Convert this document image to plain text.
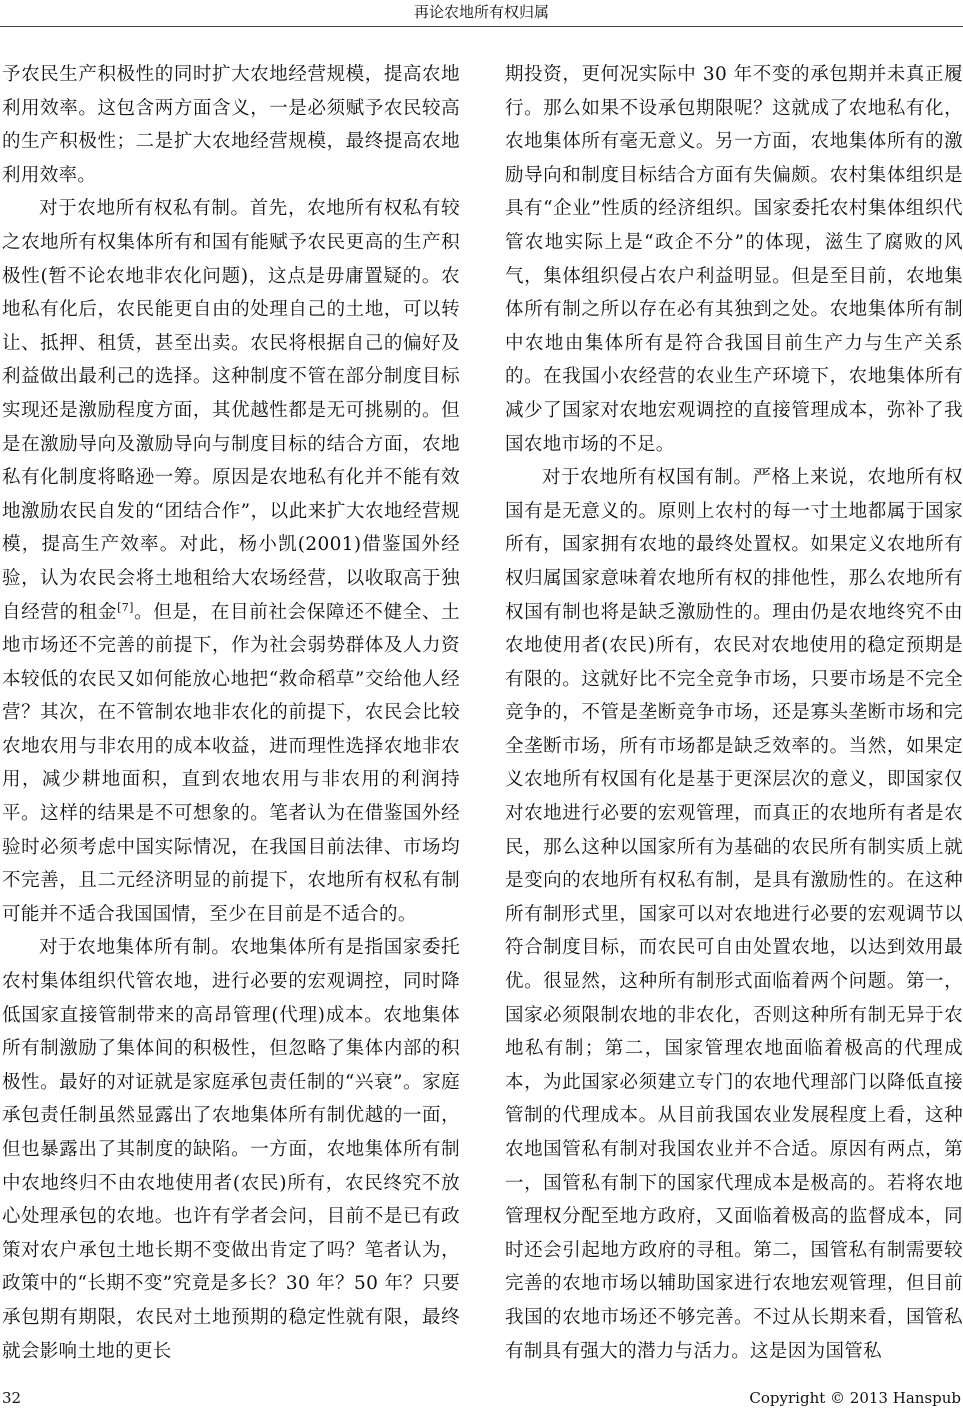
再论农地所有权归属

予农民生产积极性的同时扩大农地经营规模，提高农地利用效率。这包含两方面含义，一是必须赋予农民较高的生产积极性；二是扩大农地经营规模，最终提高农地利用效率。

对于农地所有权私有制。首先，农地所有权私有较之农地所有权集体所有和国有能赋予农民更高的生产积极性(暂不论农地非农化问题)，这点是毋庸置疑的。农地私有化后，农民能更自由的处理自己的土地，可以转让、抵押、租赁，甚至出卖。农民将根据自己的偏好及利益做出最利己的选择。这种制度不管在部分制度目标实现还是激励程度方面，其优越性都是无可挑剔的。但是在激励导向及激励导向与制度目标的结合方面，农地私有化制度将略逊一筹。原因是农地私有化并不能有效地激励农民自发的“团结合作”，以此来扩大农地经营规模，提高生产效率。对此，杨小凯(2001)借鉴国外经验，认为农民会将土地租给大农场经营，以收取高于独自经营的租金[7]。但是，在目前社会保障还不健全、土地市场还不完善的前提下，作为社会弱势群体及人力资本较低的农民又如何能放心地把“救命稻草”交给他人经营？其次，在不管制农地非农化的前提下，农民会比较农地农用与非农用的成本收益，进而理性选择农地非农用，减少耕地面积，直到农地农用与非农用的利润持平。这样的结果是不可想象的。笔者认为在借鉴国外经验时必须考虑中国实际情况，在我国目前法律、市场均不完善，且二元经济明显的前提下，农地所有权私有制可能并不适合我国国情，至少在目前是不适合的。

对于农地集体所有制。农地集体所有是指国家委托农村集体组织代管农地，进行必要的宏观调控，同时降低国家直接管制带来的高昂管理(代理)成本。农地集体所有制激励了集体间的积极性，但忽略了集体内部的积极性。最好的对证就是家庭承包责任制的“兴衰”。家庭承包责任制虽然显露出了农地集体所有制优越的一面，但也暴露出了其制度的缺陷。一方面，农地集体所有制中农地终归不由农地使用者(农民)所有，农民终究不放心处理承包的农地。也许有学者会问，目前不是已有政策对农户承包土地长期不变做出肯定了吗？笔者认为，政策中的“长期不变”究竟是多长？30 年？50 年？只要承包期有期限，农民对土地预期的稳定性就有限，最终就会影响土地的更长

期投资，更何况实际中 30 年不变的承包期并未真正履行。那么如果不设承包期限呢？这就成了农地私有化，农地集体所有毫无意义。另一方面，农地集体所有的激励导向和制度目标结合方面有失偏颇。农村集体组织是具有“企业”性质的经济组织。国家委托农村集体组织代管农地实际上是“政企不分”的体现，滋生了腐败的风气，集体组织侵占农户利益明显。但是至目前，农地集体所有制之所以存在必有其独到之处。农地集体所有制中农地由集体所有是符合我国目前生产力与生产关系的。在我国小农经营的农业生产环境下，农地集体所有减少了国家对农地宏观调控的直接管理成本，弥补了我国农地市场的不足。

对于农地所有权国有制。严格上来说，农地所有权国有是无意义的。原则上农村的每一寸土地都属于国家所有，国家拥有农地的最终处置权。如果定义农地所有权归属国家意味着农地所有权的排他性，那么农地所有权国有制也将是缺乏激励性的。理由仍是农地终究不由农地使用者(农民)所有，农民对农地使用的稳定预期是有限的。这就好比不完全竞争市场，只要市场是不完全竞争的，不管是垄断竞争市场，还是寡头垄断市场和完全垄断市场，所有市场都是缺乏效率的。当然，如果定义农地所有权国有化是基于更深层次的意义，即国家仅对农地进行必要的宏观管理，而真正的农地所有者是农民，那么这种以国家所有为基础的农民所有制实质上就是变向的农地所有权私有制，是具有激励性的。在这种所有制形式里，国家可以对农地进行必要的宏观调节以符合制度目标，而农民可自由处置农地，以达到效用最优。很显然，这种所有制形式面临着两个问题。第一，国家必须限制农地的非农化，否则这种所有制无异于农地私有制；第二，国家管理农地面临着极高的代理成本，为此国家必须建立专门的农地代理部门以降低直接管制的代理成本。从目前我国农业发展程度上看，这种农地国管私有制对我国农业并不合适。原因有两点，第一，国管私有制下的国家代理成本是极高的。若将农地管理权分配至地方政府，又面临着极高的监督成本，同时还会引起地方政府的寻租。第二，国管私有制需要较完善的农地市场以辅助国家进行农地宏观管理，但目前我国的农地市场还不够完善。不过从长期来看，国管私有制具有强大的潜力与活力。这是因为国管私

32	Copyright © 2013 Hanspub
